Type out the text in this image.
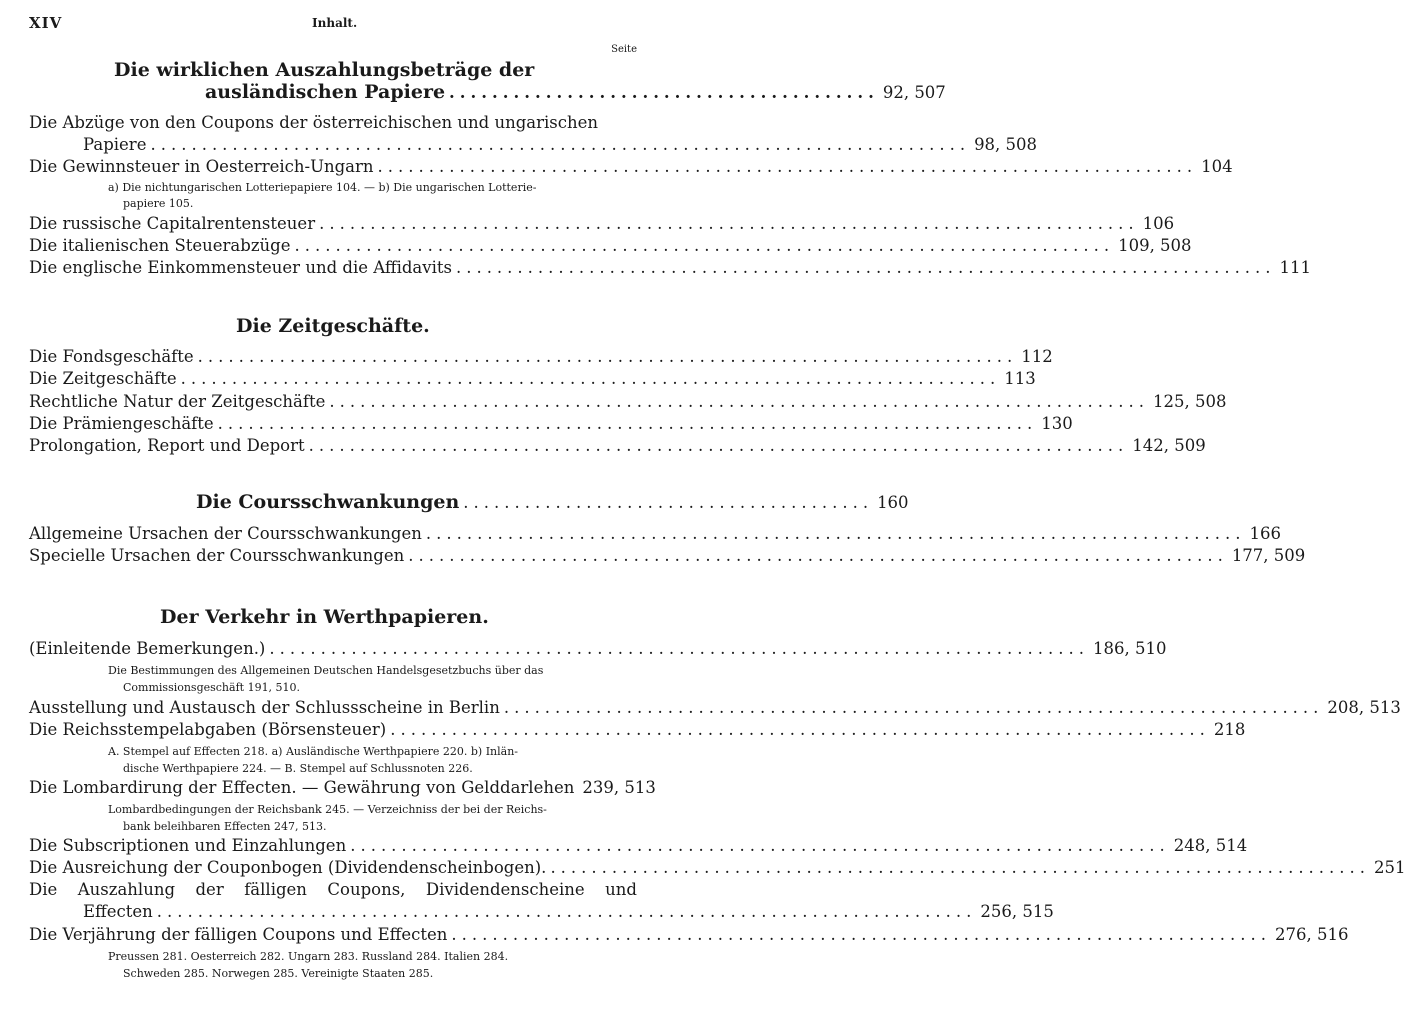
XIV	Inhalt.
Seite
Die wirklichen Auszahlungsbeträge der
ausländischen Papiere ........................................ 92, 507
Die Abzüge von den Coupons der österreichischen und ungarischen
Papiere ................................................................................ 98, 508
Die Gewinnsteuer in Oesterreich-Ungarn ................................................................................ 104
a) Die nichtungarischen Lotteriepapiere 104. — b) Die ungarischen Lotterie-
papiere 105.
Die russische Capitalrentensteuer ................................................................................ 106
Die italienischen Steuerabzüge ................................................................................ 109, 508
Die englische Einkommensteuer und die Affidavits ................................................................................ 111
Die Zeitgeschäfte.
Die Fondsgeschäfte ................................................................................ 112
Die Zeitgeschäfte ................................................................................ 113
Rechtliche Natur der Zeitgeschäfte ................................................................................ 125, 508
Die Prämiengeschäfte ................................................................................ 130
Prolongation, Report und Deport ................................................................................ 142, 509
Die Coursschwankungen ........................................ 160
Allgemeine Ursachen der Coursschwankungen ................................................................................ 166
Specielle Ursachen der Coursschwankungen ................................................................................ 177, 509
Der Verkehr in Werthpapieren.
(Einleitende Bemerkungen.) ................................................................................ 186, 510
Die Bestimmungen des Allgemeinen Deutschen Handelsgesetzbuchs über das
Commissionsgeschäft 191, 510.
Ausstellung und Austausch der Schlussscheine in Berlin ................................................................................ 208, 513
Die Reichsstempelabgaben (Börsensteuer) ................................................................................ 218
A. Stempel auf Effecten 218. a) Ausländische Werthpapiere 220. b) Inlän-
dische Werthpapiere 224. — B. Stempel auf Schlussnoten 226.
Die Lombardirung der Effecten. — Gewährung von Gelddarlehen 239, 513
Lombardbedingungen der Reichsbank 245. — Verzeichniss der bei der Reichs-
bank beleihbaren Effecten 247, 513.
Die Subscriptionen und Einzahlungen ................................................................................ 248, 514
Die Ausreichung der Couponbogen (Dividendenscheinbogen). ................................................................................ 251
Die Auszahlung der fälligen Coupons, Dividendenscheine und
Effecten ................................................................................ 256, 515
Die Verjährung der fälligen Coupons und Effecten ................................................................................ 276, 516
Preussen 281. Oesterreich 282. Ungarn 283. Russland 284. Italien 284.
Schweden 285. Norwegen 285. Vereinigte Staaten 285.
